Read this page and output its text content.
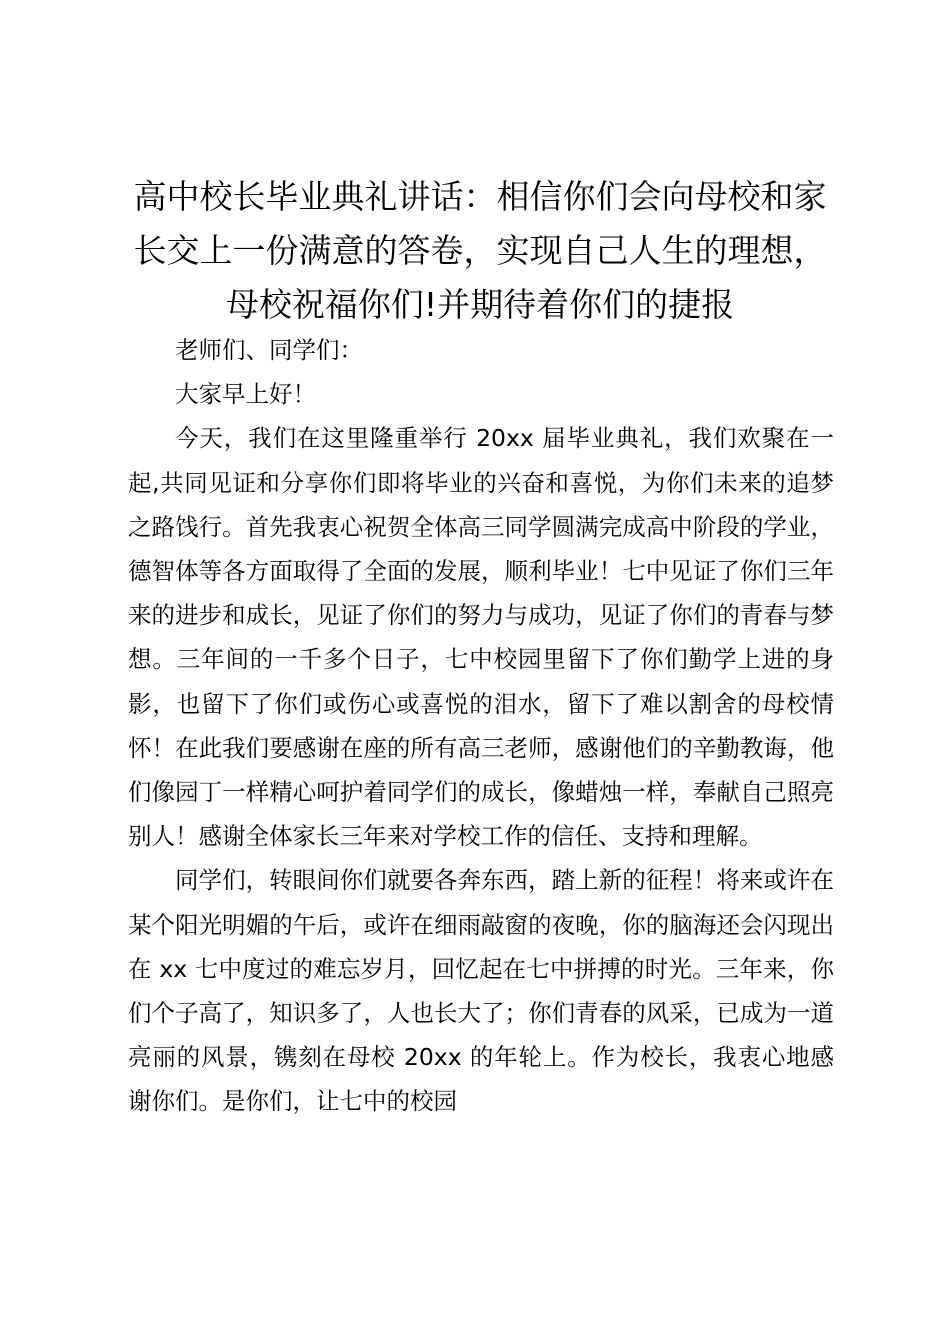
高中校长毕业典礼讲话：相信你们会向母校和家长交上一份满意的答卷，实现自己人生的理想，母校祝福你们!并期待着你们的捷报

老师们、同学们：

大家早上好！

今天，我们在这里隆重举行 20xx 届毕业典礼，我们欢聚在一起,共同见证和分享你们即将毕业的兴奋和喜悦，为你们未来的追梦之路饯行。首先我衷心祝贺全体高三同学圆满完成高中阶段的学业，德智体等各方面取得了全面的发展，顺利毕业！七中见证了你们三年来的进步和成长，见证了你们的努力与成功，见证了你们的青春与梦想。三年间的一千多个日子，七中校园里留下了你们勤学上进的身影，也留下了你们或伤心或喜悦的泪水，留下了难以割舍的母校情怀！在此我们要感谢在座的所有高三老师，感谢他们的辛勤教诲，他们像园丁一样精心呵护着同学们的成长，像蜡烛一样，奉献自己照亮别人！感谢全体家长三年来对学校工作的信任、支持和理解。

同学们，转眼间你们就要各奔东西，踏上新的征程！将来或许在某个阳光明媚的午后，或许在细雨敲窗的夜晚，你的脑海还会闪现出在 xx 七中度过的难忘岁月，回忆起在七中拼搏的时光。三年来，你们个子高了，知识多了，人也长大了；你们青春的风采，已成为一道亮丽的风景，镌刻在母校 20xx 的年轮上。作为校长，我衷心地感谢你们。是你们，让七中的校园
